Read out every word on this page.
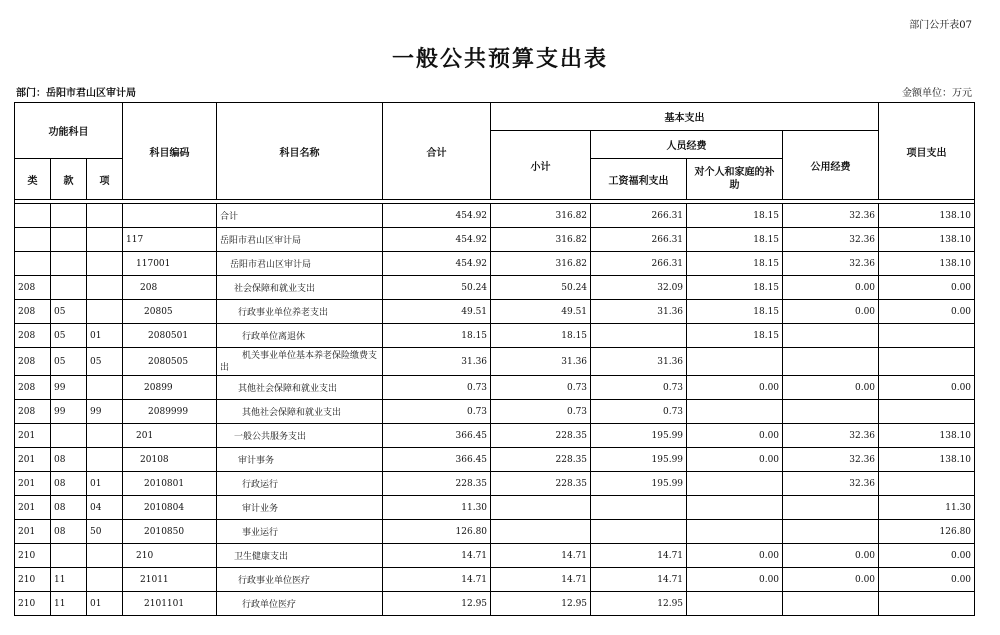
部门公开表07
一般公共预算支出表
部门：岳阳市君山区审计局	金额单位：万元
功能科目			科目编码	科目名称	合计	基本支出				项目支出
						小计	人员经费		公用经费	
类	款	项					工资福利支出	对个人和家庭的补助		

				合计	454.92	316.82	266.31	18.15	32.36	138.10
			117	岳阳市君山区审计局	454.92	316.82	266.31	18.15	32.36	138.10
			117001	岳阳市君山区审计局	454.92	316.82	266.31	18.15	32.36	138.10
208			208	社会保障和就业支出	50.24	50.24	32.09	18.15	0.00	0.00
208	05		20805	行政事业单位养老支出	49.51	49.51	31.36	18.15	0.00	0.00
208	05	01	2080501	行政单位离退休	18.15	18.15		18.15		
208	05	05	2080505	机关事业单位基本养老保险缴费支出	31.36	31.36	31.36			
208	99		20899	其他社会保障和就业支出	0.73	0.73	0.73	0.00	0.00	0.00
208	99	99	2089999	其他社会保障和就业支出	0.73	0.73	0.73			
201			201	一般公共服务支出	366.45	228.35	195.99	0.00	32.36	138.10
201	08		20108	审计事务	366.45	228.35	195.99	0.00	32.36	138.10
201	08	01	2010801	行政运行	228.35	228.35	195.99		32.36	
201	08	04	2010804	审计业务	11.30					11.30
201	08	50	2010850	事业运行	126.80					126.80
210			210	卫生健康支出	14.71	14.71	14.71	0.00	0.00	0.00
210	11		21011	行政事业单位医疗	14.71	14.71	14.71	0.00	0.00	0.00
210	11	01	2101101	行政单位医疗	12.95	12.95	12.95			
